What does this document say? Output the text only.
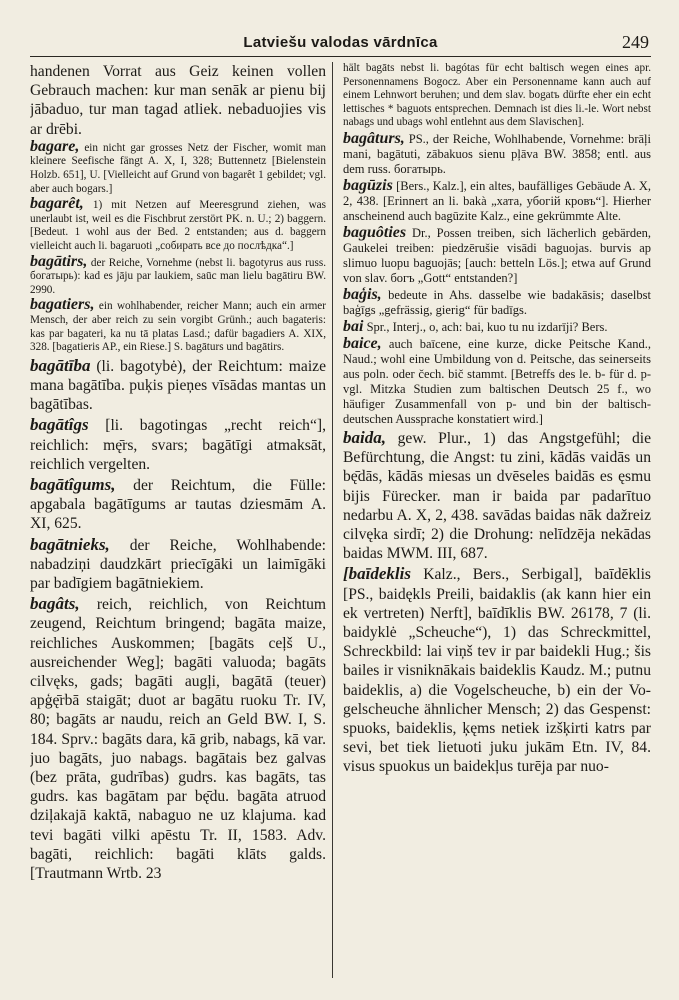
Latviešu valodas vārdnīca	249

handenen Vorrat aus Geiz keinen vollen Gebrauch machen: kur man senāk ar pienu bij jābaduo, tur man tagad atliek. nebaduojies vis ar drēbi.

bagare, ein nicht gar grosses Netz der Fischer, womit man kleinere Seefische fängt A. X, I, 328; Buttennetz [Bielenstein Holzb. 651], U. [Vielleicht auf Grund von bagarêt 1 gebildet; vgl. aber auch bogars.]

bagarêt, 1) mit Netzen auf Meeresgrund ziehen, was unerlaubt ist, weil es die Fischbrut zerstört PK. n. U.; 2) baggern. [Bedeut. 1 wohl aus der Bed. 2 entstanden; aus d. baggern vielleicht auch li. bagaruoti „собирать все до послѣдка“.]

bagātirs, der Reiche, Vornehme (nebst li. bagotyrus aus russ. богатырь): kad es jāju par laukiem, saūc man lielu bagātiru BW. 2990.

bagatiers, ein wohlhabender, reicher Mann; auch ein armer Mensch, der aber reich zu sein vorgibt Grünh.; auch bagateris: kas par bagateri, ka nu tā platas Lasd.; dafür bagadiers A. XIX, 328. [bagatieris AP., ein Riese.] S. bagāturs und bagātirs.

bagātība (li. bagotybė), der Reichtum: maize mana bagātība. puķis pieņes vīsādas mantas un bagātības.

bagātîgs [li. bagotingas „recht reich“], reichlich: mę̄rs, svars; bagātīgi atmaksāt, reichlich vergelten.

bagātîgums, der Reichtum, die Fülle: apgabala bagātīgums ar tautas dziesmām A. XI, 625.

bagātnieks, der Reiche, Wohlhabende: nabadziņi daudzkārt priecīgāki un laimīgāki par badīgiem bagātniekiem.

bagâts, reich, reichlich, von Reichtum zeugend, Reichtum bringend; bagāta maize, reichliches Auskommen; [bagāts ceļš U., ausreichender Weg]; bagāti valuoda; bagāts cilvęks, gads; bagāti augļi, bagātā (teuer) apģę̄rbā staigāt; duot ar bagātu ruoku Tr. IV, 80; bagāts ar naudu, reich an Geld BW. I, S. 184. Sprv.: bagāts dara, kā grib, nabags, kā var. juo bagāts, juo nabags. bagātais bez galvas (bez prāta, gudrības) gudrs. kas bagāts, tas gudrs. kas bagātam par bę̄du. bagāta atruod dziļakajā kaktā, nabaguo ne uz klajuma. kad tevi bagāti vilki apēstu Tr. II, 1583. Adv. bagāti, reichlich: bagāti klāts galds. [Trautmann Wrtb. 23

hält bagāts nebst li. bagótas für echt baltisch wegen eines apr. Personennamens Bogocz. Aber ein Personenname kann auch auf einem Lehnwort beruhen; und dem slav. bogatъ dürfte eher ein echt lettisches * baguots entsprechen. Demnach ist dies li.-le. Wort nebst nabags und ubags wohl entlehnt aus dem Slavischen].

bagâturs, PS., der Reiche, Wohlhabende, Vornehme: brāļi mani, bagātuti, zābakuos sienu pļāva BW. 3858; entl. aus dem russ. богатырь.

bagūzis [Bers., Kalz.], ein altes, baufälliges Gebäude A. X, 2, 438. [Erinnert an li. bakà „хата, убогiй кровъ“]. Hierher anscheinend auch bagūzite Kalz., eine gekrümmte Alte.

baguôties Dr., Possen treiben, sich lächerlich gebärden, Gaukelei treiben: piedzērušie visādi baguojas. burvis ap slimuo luopu baguojās; [auch: betteln Lös.]; etwa auf Grund von slav. богъ „Gott“ entstanden?]

baģis, bedeute in Ahs. dasselbe wie badakāsis; daselbst baģīgs „gefrässig, gierig“ für badīgs.

bai Spr., Interj., o, ach: bai, kuo tu nu izdarīji? Bers.

baice, auch baīcene, eine kurze, dicke Peitsche Kand., Naud.; wohl eine Umbildung von d. Peitsche, das seinerseits aus poln. oder čech. bič stammt. [Betreffs des le. b- für d. pvgl. Mitzka Studien zum baltischen Deutsch 25 f., wo häufiger Zusammenfall von p- und bin der baltisch-deutschen Aussprache konstatiert wird.]

baida, gew. Plur., 1) das Angstgefühl; die Befürchtung, die Angst: tu zini, kādās vaidās un bę̄dās, kādās miesas un dvēseles baidās es ęsmu bijis Fürecker. man ir baida par padarītuo nedarbu A. X, 2, 438. savādas baidas nāk dažreiz cilvęka sirdī; 2) die Drohung: nelīdzēja nekādas baidas MWM. III, 687.

[baīdeklis Kalz., Bers., Serbigal], baīdēklis [PS., baidękls Preili, baidaklis (ak kann hier ein ek vertreten) Nerft], baīdīklis BW. 26178, 7 (li. baidyklė „Scheuche“), 1) das Schreckmittel, Schreckbild: lai viņš tev ir par baidekli Hug.; šis bailes ir visniknākais baideklis Kaudz. M.; putnu baideklis, a) die Vogelscheuche, b) ein der Vogelscheuche ähnlicher Mensch; 2) das Gespenst: spuoks, baideklis, ķęms netiek izšķirti katrs par sevi, bet tiek lietuoti juku jukām Etn. IV, 84. visus spuokus un baidekļus turēja par nuo-
